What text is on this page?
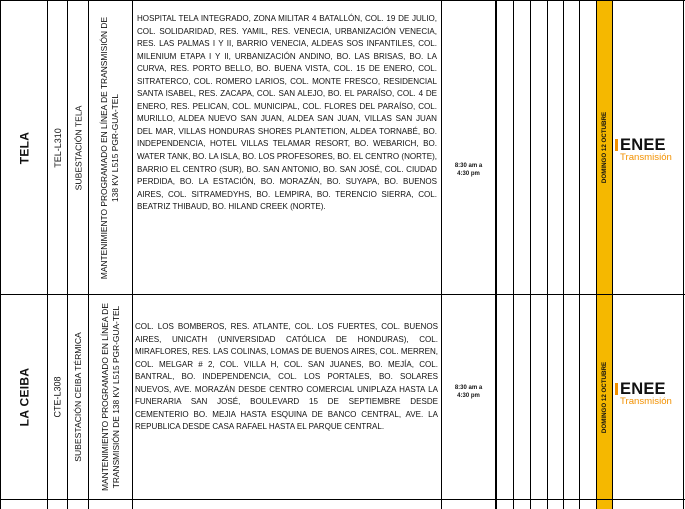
TELA TEL-L310 SUBESTACIÓN TELA MANTENIMIENTO PROGRAMADO EN LÍNEA DE TRANSMISIÓN DE 138 KV L515 PGR-GUA-TEL
HOSPITAL TELA INTEGRADO, ZONA MILITAR 4 BATALLÓN, COL. 19 DE JULIO, COL. SOLIDARIDAD, RES. YAMIL, RES. VENECIA, URBANIZACIÓN VENECIA, RES. LAS PALMAS I Y II, BARRIO VENECIA, ALDEAS SOS INFANTILES, COL. MILENIUM ETAPA I Y II, URBANIZACIÓN ANDINO, BO. LAS BRISAS, BO. LA CURVA, RES. PORTO BELLO, BO. BUENA VISTA, COL. 15 DE ENERO, COL. SITRATERCO, COL. ROMERO LARIOS, COL. MONTE FRESCO, RESIDENCIAL SANTA ISABEL, RES. ZACAPA, COL. SAN ALEJO, BO. EL PARAÍSO, COL. 4 DE ENERO, RES. PELICAN, COL. MUNICIPAL, COL. FLORES DEL PARAÍSO, COL. MURILLO, ALDEA NUEVO SAN JUAN, ALDEA SAN JUAN, VILLAS SAN JUAN DEL MAR, VILLAS HONDURAS SHORES PLANTETION, ALDEA TORNABÉ, BO. INDEPENDENCIA, HOTEL VILLAS TELAMAR RESORT, BO. WEBARICH, BO. WATER TANK, BO. LA ISLA, BO. LOS PROFESORES, BO. EL CENTRO (NORTE), BARRIO EL CENTRO (SUR), BO. SAN ANTONIO, BO. SAN JOSÉ, COL. CIUDAD PERDIDA, BO. LA ESTACIÓN, BO. MORAZÁN, BO. SUYAPA, BO. BUENOS AIRES, COL. SITRAMEDYHS, BO. LEMPIRA, BO. TERENCIO SIERRA, COL. BEATRIZ THIBAUD, BO. HILAND CREEK (NORTE).
8:30 am a
4:30 pm	DOMINGO 12 OCTUBRE ENEE
Transmisión
LA CEIBA CTE-L308 SUBESTACIÓN CEIBA TÉRMICA MANTENIMIENTO PROGRAMADO EN LÍNEA DE TRANSMISIÓN DE 138 KV L515 PGR-GUA-TEL COL. LOS BOMBEROS, RES. ATLANTE, COL. LOS FUERTES, COL. BUENOS AIRES, UNICATH (UNIVERSIDAD CATÓLICA DE HONDURAS), COL. MIRAFLORES, RES. LAS COLINAS, LOMAS DE BUENOS AIRES, COL. MERREN, COL. MELGAR # 2, COL. VILLA H, COL. SAN JUANES, BO. MEJÍA, COL. BANTRAL, BO. INDEPENDENCIA, COL. LOS PORTALES, BO. SOLARES NUEVOS, AVE. MORAZÁN DESDE CENTRO COMERCIAL UNIPLAZA HASTA LA FUNERARIA SAN JOSÉ, BOULEVARD 15 DE SEPTIEMBRE DESDE CEMENTERIO BO. MEJIA HASTA ESQUINA DE BANCO CENTRAL, AVE. LA REPUBLICA DESDE CASA RAFAEL HASTA EL PARQUE CENTRAL.
8:30 am a
4:30 pm	DOMINGO 12 OCTUBRE ENEE
Transmisión
